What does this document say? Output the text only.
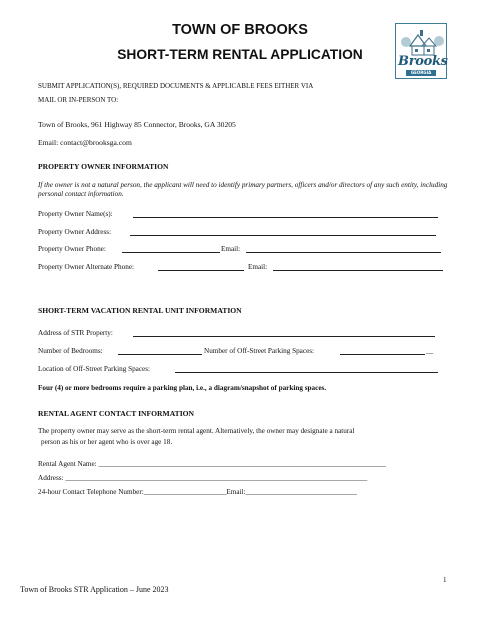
TOWN OF BROOKS
SHORT-TERM RENTAL APPLICATION	Brooks
GEORGIA
SUBMIT APPLICATION(S), REQUIRED DOCUMENTS & APPLICABLE FEES EITHER VIA
MAIL OR IN-PERSON TO:
Town of Brooks, 961 Highway 85 Connector, Brooks, GA 30205
Email: contact@brooksga.com
PROPERTY OWNER INFORMATION
If the owner is not a natural person, the applicant will need to identify primary partners, officers and/or directors of any such entity, including personal contact information.
Property Owner Name(s):
Property Owner Address:
Property Owner Phone:	Email:
Property Owner Alternate Phone:	Email:
SHORT-TERM VACATION RENTAL UNIT INFORMATION
Address of STR Property:
Number of Bedrooms:	Number of Off-Street Parking Spaces:	__
Location of Off-Street Parking Spaces:
Four (4) or more bedrooms require a parking plan, i.e., a diagram/snapshot of parking spaces.
RENTAL AGENT CONTACT INFORMATION
The property owner may serve as the short-term rental agent. Alternatively, the owner may designate a natural
person as his or her agent who is over age 18.
Rental Agent Name: ________________________________________________________________________________
Address: ____________________________________________________________________________________
24-hour Contact Telephone Number:_______________________Email:_______________________________
1
Town of Brooks STR Application – June 2023
